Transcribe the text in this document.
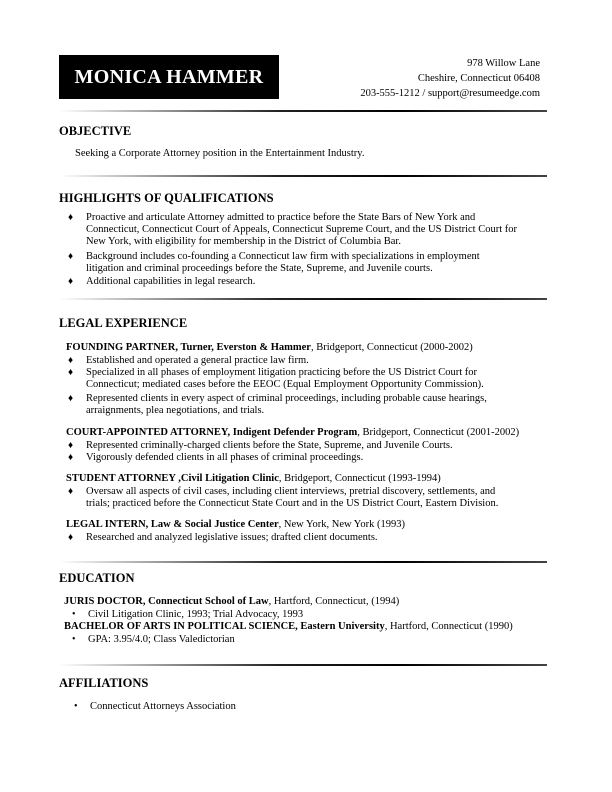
MONICA HAMMER
978 Willow Lane
Cheshire, Connecticut 06408
203-555-1212 / support@resumeedge.com
OBJECTIVE
Seeking a Corporate Attorney position in the Entertainment Industry.
HIGHLIGHTS OF QUALIFICATIONS
♦ Proactive and articulate Attorney admitted to practice before the State Bars of New York and
Connecticut, Connecticut Court of Appeals, Connecticut Supreme Court, and the US District Court for
New York, with eligibility for membership in the District of Columbia Bar.
♦ Background includes co-founding a Connecticut law firm with specializations in employment
litigation and criminal proceedings before the State, Supreme, and Juvenile courts.
♦ Additional capabilities in legal research.
LEGAL EXPERIENCE
FOUNDING PARTNER, Turner, Everston & Hammer, Bridgeport, Connecticut (2000-2002)
♦ Established and operated a general practice law firm.
♦ Specialized in all phases of employment litigation practicing before the US District Court for
Connecticut; mediated cases before the EEOC (Equal Employment Opportunity Commission).
♦ Represented clients in every aspect of criminal proceedings, including probable cause hearings,
arraignments, plea negotiations, and trials.
COURT-APPOINTED ATTORNEY, Indigent Defender Program, Bridgeport, Connecticut (2001-2002)
♦ Represented criminally-charged clients before the State, Supreme, and Juvenile Courts.
♦ Vigorously defended clients in all phases of criminal proceedings.
STUDENT ATTORNEY ,Civil Litigation Clinic, Bridgeport, Connecticut (1993-1994)
♦ Oversaw all aspects of civil cases, including client interviews, pretrial discovery, settlements, and
trials; practiced before the Connecticut State Court and in the US District Court, Eastern Division.
LEGAL INTERN, Law & Social Justice Center, New York, New York (1993)
♦ Researched and analyzed legislative issues; drafted client documents.
EDUCATION
JURIS DOCTOR, Connecticut School of Law, Hartford, Connecticut, (1994)
• Civil Litigation Clinic, 1993; Trial Advocacy, 1993
BACHELOR OF ARTS IN POLITICAL SCIENCE, Eastern University, Hartford, Connecticut (1990)
• GPA: 3.95/4.0; Class Valedictorian
AFFILIATIONS
• Connecticut Attorneys Association
